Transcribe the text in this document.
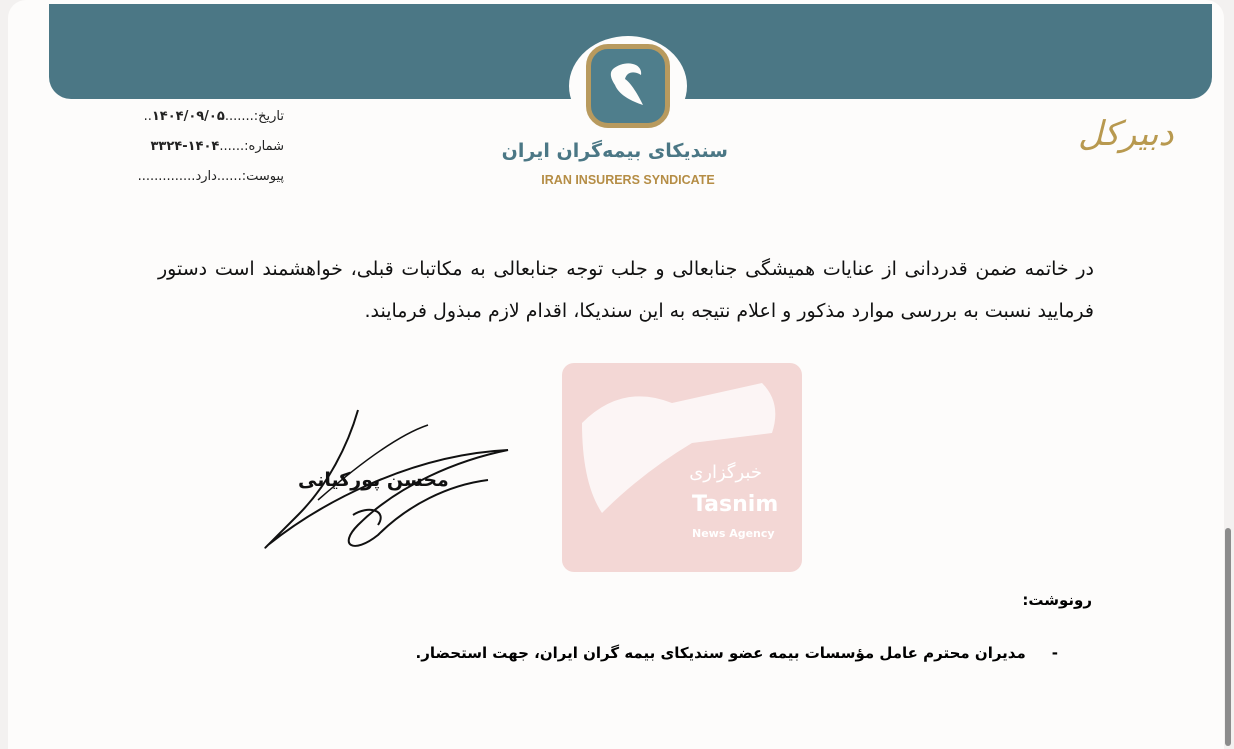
سندیکای بیمه‌گران ایران
IRAN INSURERS SYNDICATE
تاریخ:.......۱۴۰۴/۰۹/۰۵..
شماره:......۱۴۰۴-۳۳۲۴
پیوست:......دارد..............
دبیرکل
در خاتمه ضمن قدردانی از عنایات همیشگی جنابعالی و جلب توجه جنابعالی به مکاتبات قبلی، خواهشمند است دستور فرمایید نسبت به بررسی موارد مذکور و اعلام نتیجه به این سندیکا، اقدام لازم مبذول فرمایند.
خبرگزاری
Tasnim
News Agency
محسن پورکیانی
رونوشت:
-مدیران محترم عامل مؤسسات بیمه عضو سندیکای بیمه گران ایران، جهت استحضار.
